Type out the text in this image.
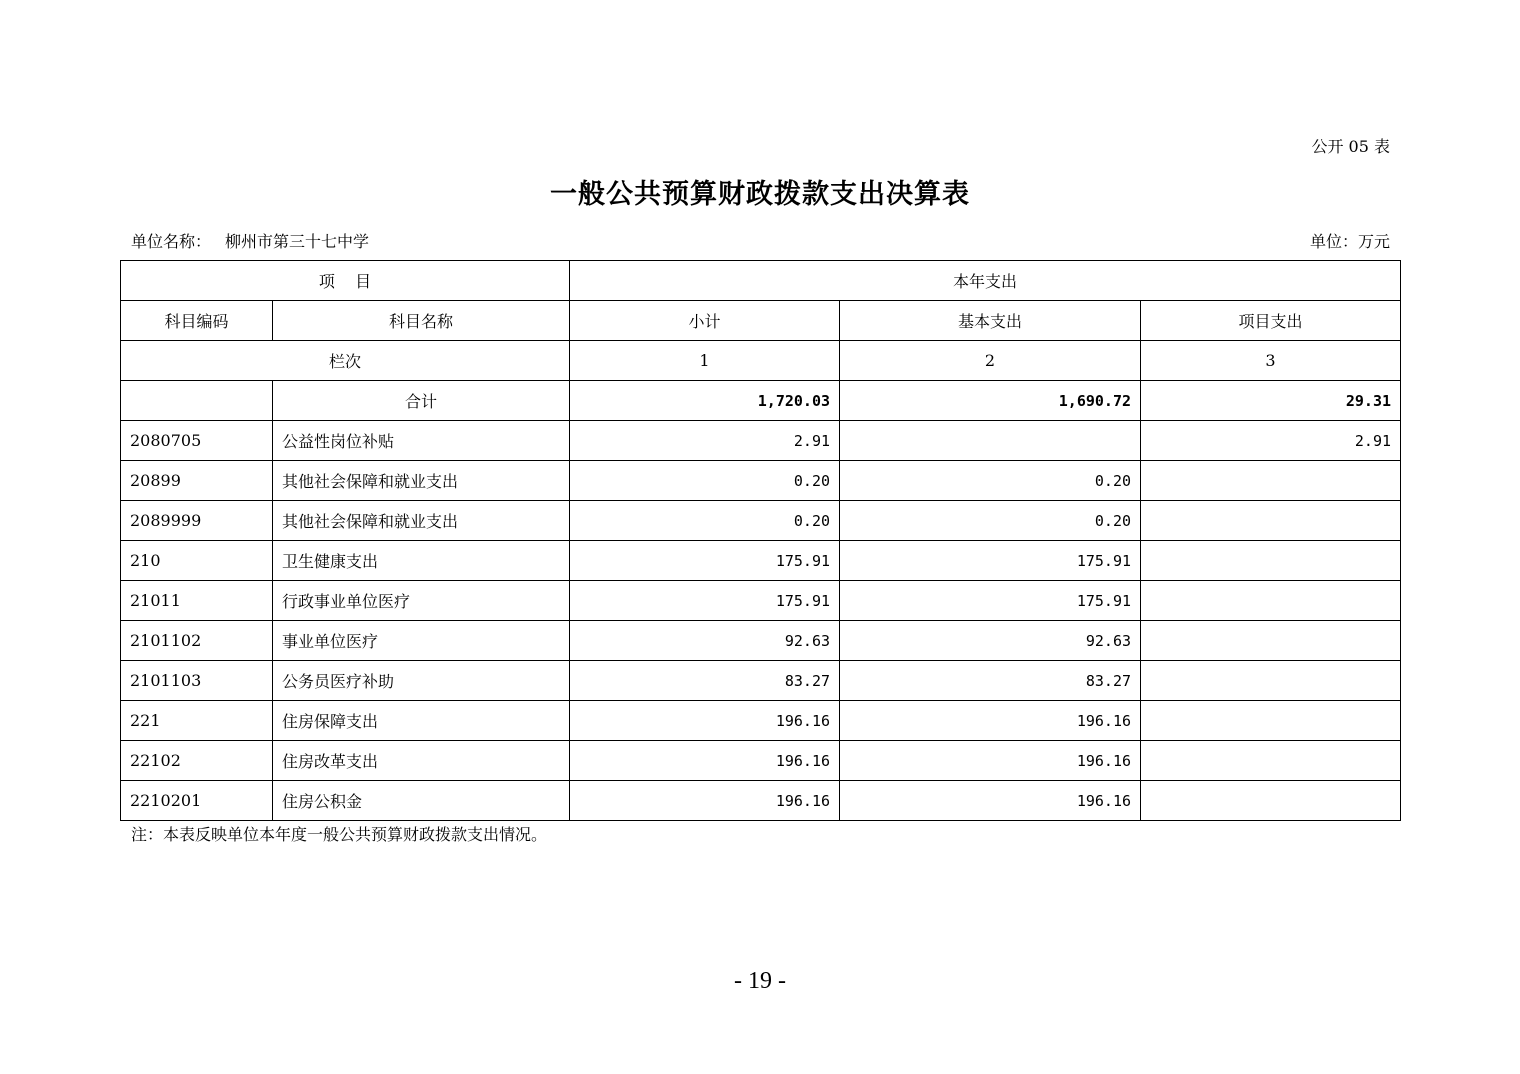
公开 05 表
一般公共预算财政拨款支出决算表
单位名称： 柳州市第三十七中学	单位：万元
项    目		本年支出		
科目编码	科目名称	小计	基本支出	项目支出
栏次		1	2	3
	合计	1,720.03	1,690.72	29.31
2080705	公益性岗位补贴	2.91		2.91
20899	其他社会保障和就业支出	0.20	0.20	
2089999	其他社会保障和就业支出	0.20	0.20	
210	卫生健康支出	175.91	175.91	
21011	行政事业单位医疗	175.91	175.91	
2101102	事业单位医疗	92.63	92.63	
2101103	公务员医疗补助	83.27	83.27	
221	住房保障支出	196.16	196.16	
22102	住房改革支出	196.16	196.16	
2210201	住房公积金	196.16	196.16	
注：本表反映单位本年度一般公共预算财政拨款支出情况。
- 19 -
